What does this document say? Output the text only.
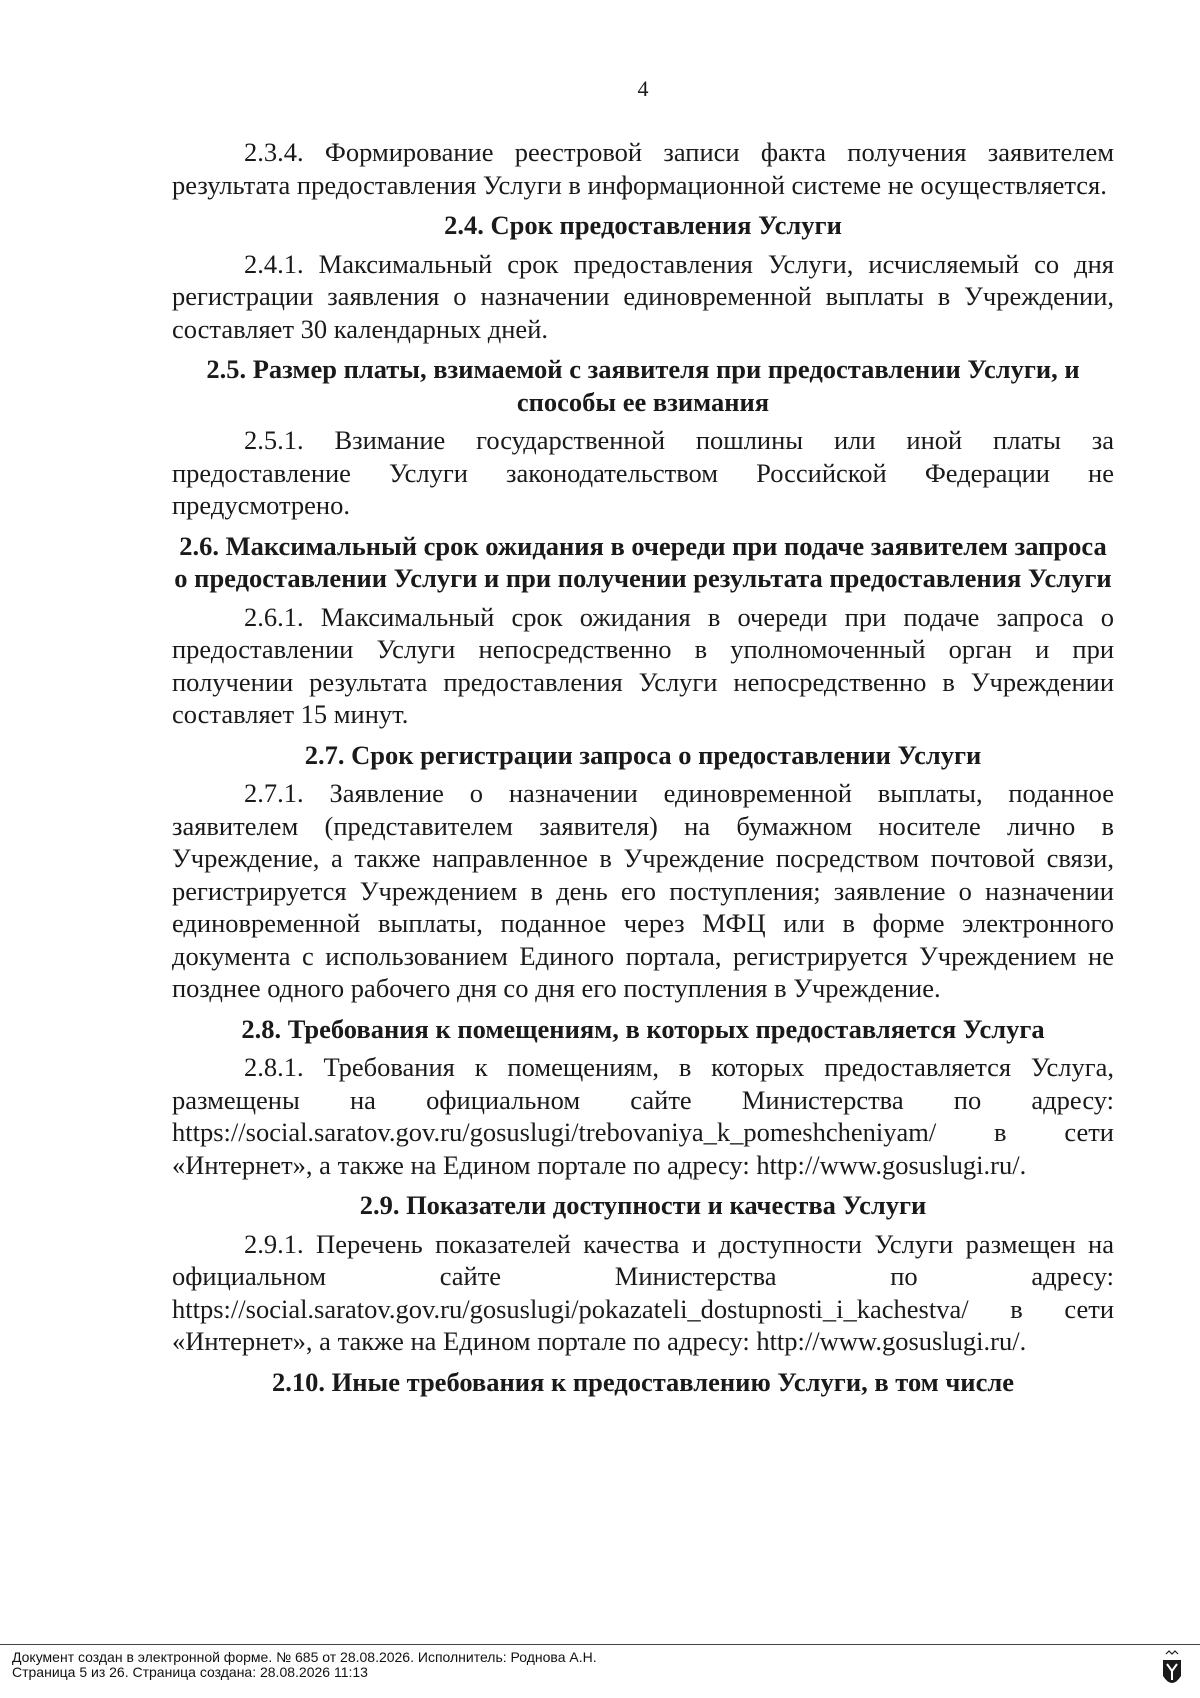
4

2.3.4. Формирование реестровой записи факта получения заявителем результата предоставления Услуги в информационной системе не осуществляется.

2.4. Срок предоставления Услуги

2.4.1. Максимальный срок предоставления Услуги, исчисляемый со дня регистрации заявления о назначении единовременной выплаты в Учреждении, составляет 30 календарных дней.

2.5. Размер платы, взимаемой с заявителя при предоставлении Услуги, и способы ее взимания

2.5.1. Взимание государственной пошлины или иной платы за предоставление Услуги законодательством Российской Федерации не предусмотрено.

2.6. Максимальный срок ожидания в очереди при подаче заявителем запроса о предоставлении Услуги и при получении результата предоставления Услуги

2.6.1. Максимальный срок ожидания в очереди при подаче запроса о предоставлении Услуги непосредственно в уполномоченный орган и при получении результата предоставления Услуги непосредственно в Учреждении составляет 15 минут.

2.7. Срок регистрации запроса о предоставлении Услуги

2.7.1. Заявление о назначении единовременной выплаты, поданное заявителем (представителем заявителя) на бумажном носителе лично в Учреждение, а также направленное в Учреждение посредством почтовой связи, регистрируется Учреждением в день его поступления; заявление о назначении единовременной выплаты, поданное через МФЦ или в форме электронного документа с использованием Единого портала, регистрируется Учреждением не позднее одного рабочего дня со дня его поступления в Учреждение.

2.8. Требования к помещениям, в которых предоставляется Услуга

2.8.1. Требования к помещениям, в которых предоставляется Услуга, размещены на официальном сайте Министерства по адресу: https://social.saratov.gov.ru/gosuslugi/trebovaniya_k_pomeshcheniyam/ в сети «Интернет», а также на Едином портале по адресу: http://www.gosuslugi.ru/.

2.9. Показатели доступности и качества Услуги

2.9.1. Перечень показателей качества и доступности Услуги размещен на официальном сайте Министерства по адресу: https://social.saratov.gov.ru/gosuslugi/pokazateli_dostupnosti_i_kachestva/ в сети «Интернет», а также на Едином портале по адресу: http://www.gosuslugi.ru/.

2.10. Иные требования к предоставлению Услуги, в том числе
Документ создан в электронной форме. № 685 от 28.08.2026. Исполнитель: Роднова А.Н.
Страница 5 из 26. Страница создана: 28.08.2026 11:13
